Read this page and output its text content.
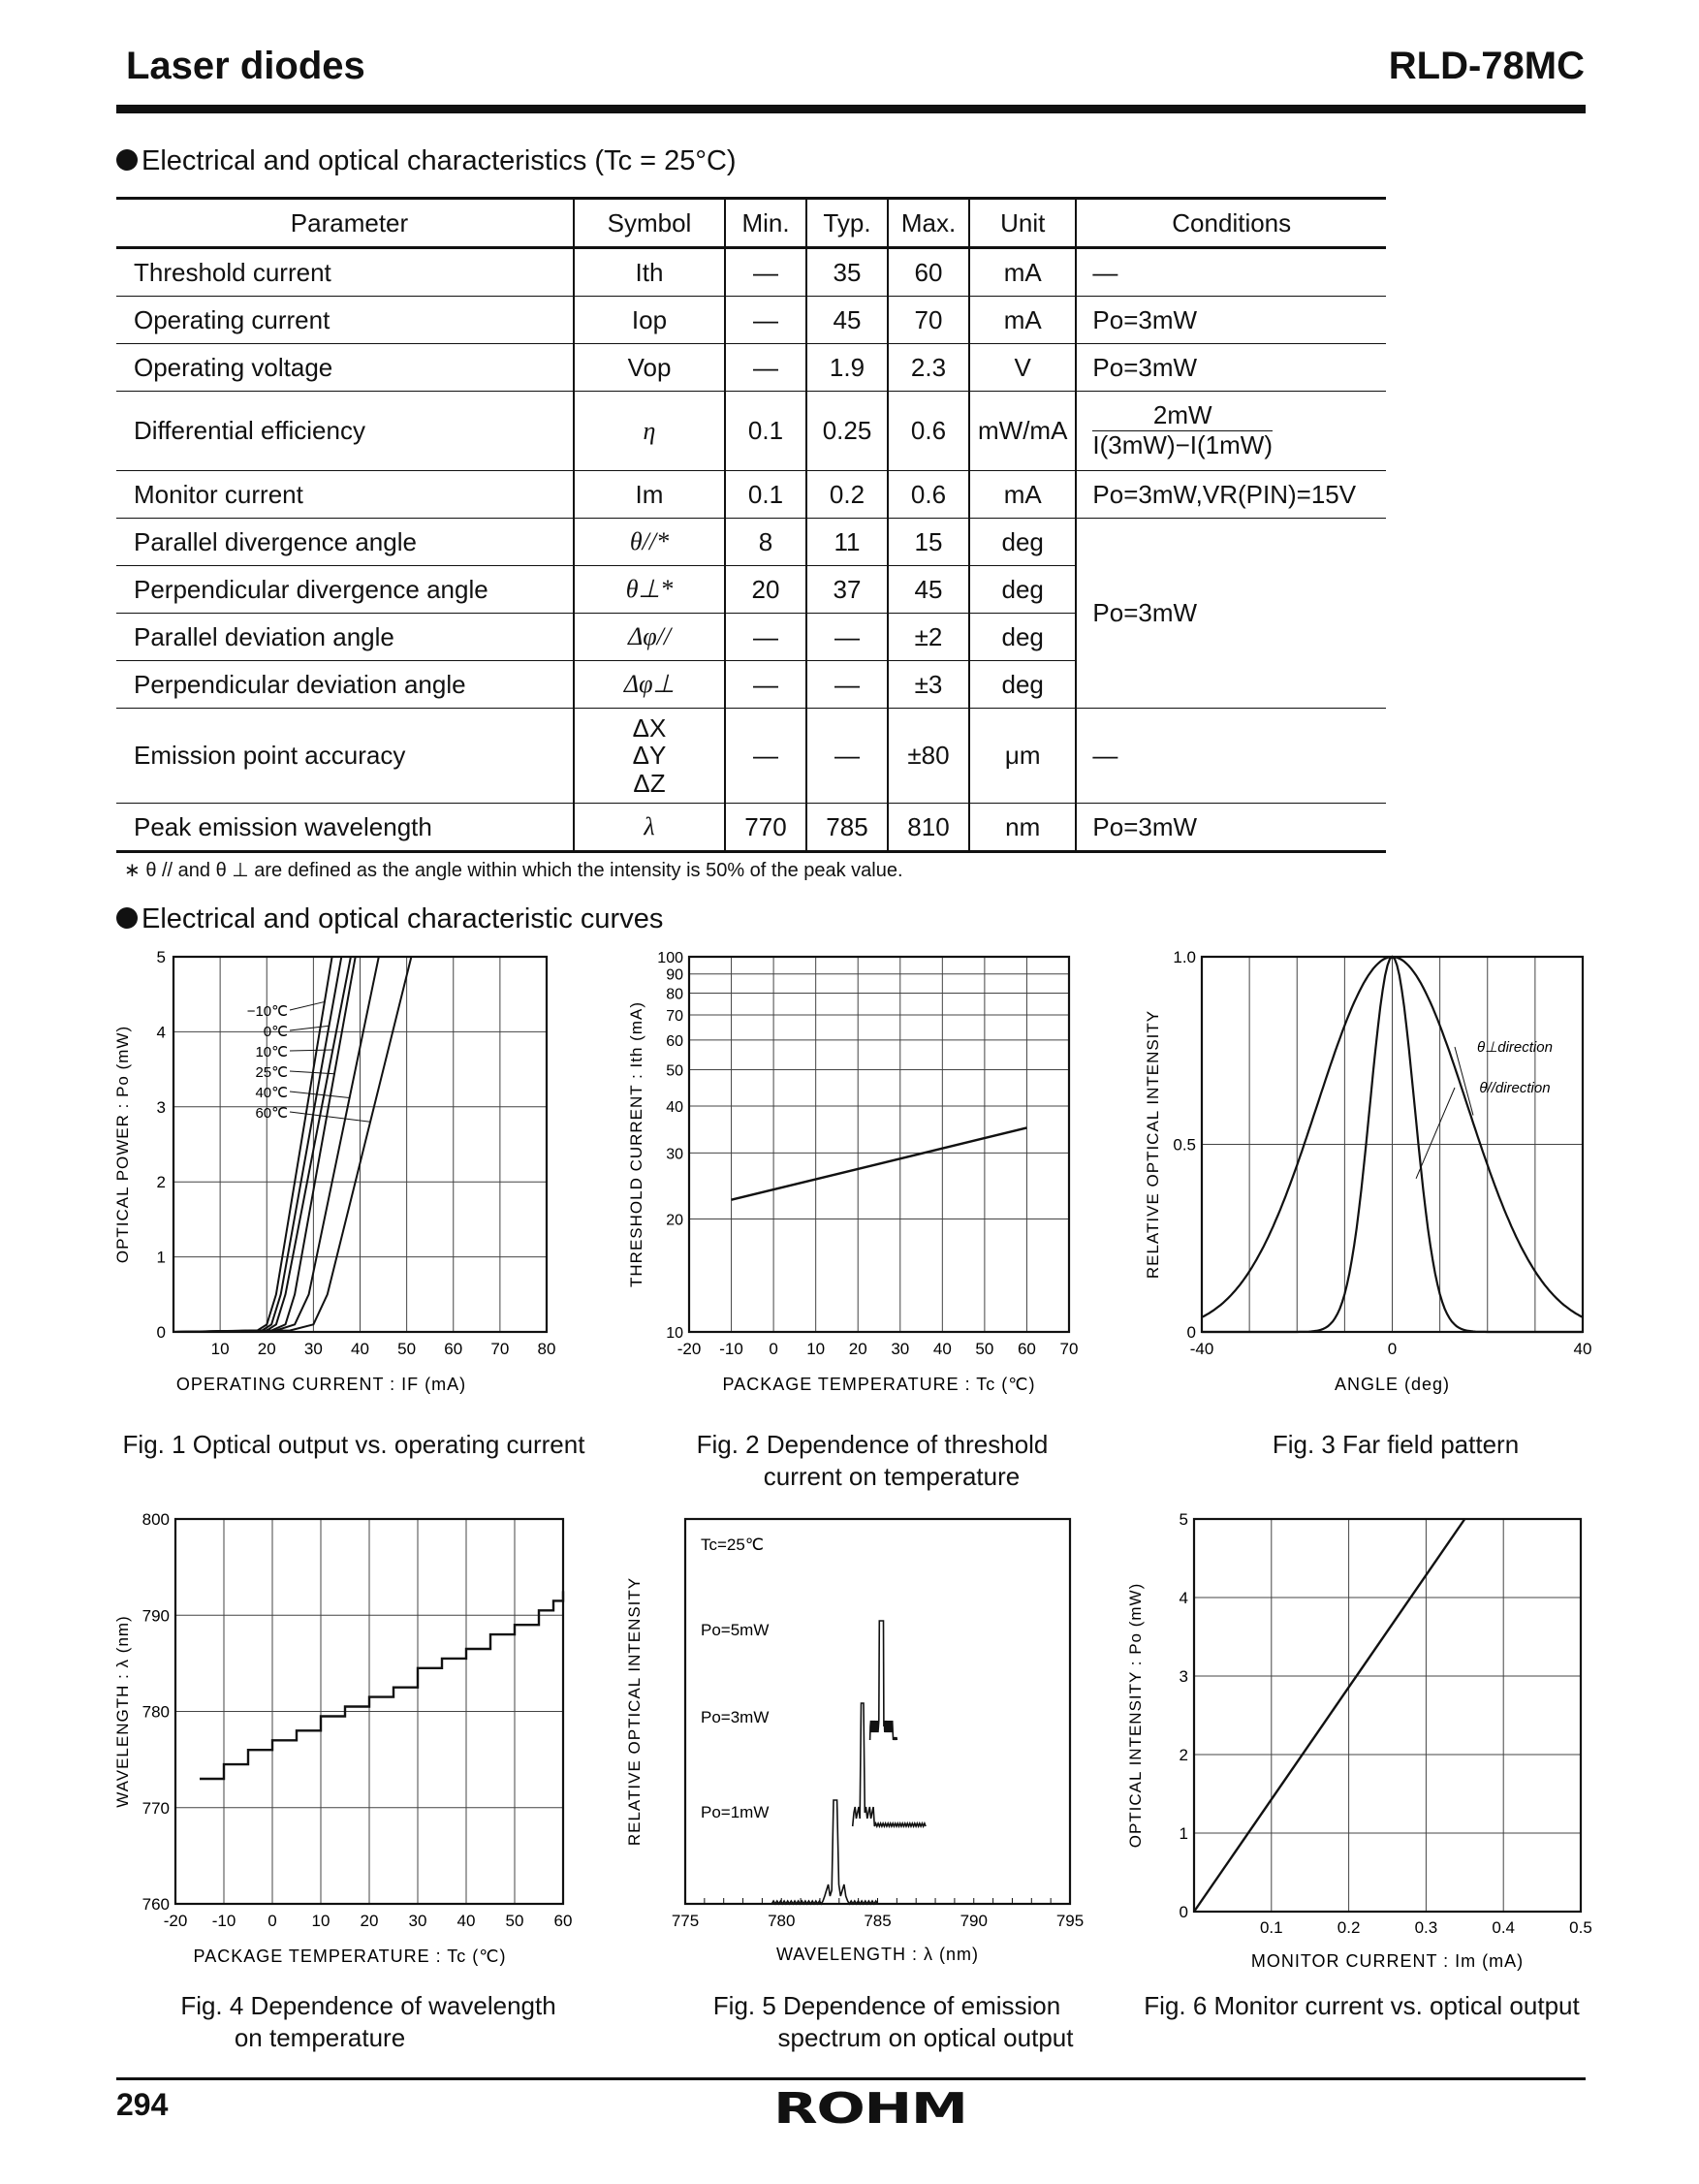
Laser diodes	RLD-78MC
Electrical and optical characteristics (Tc = 25°C)
Parameter	Symbol	Min.	Typ.	Max.	Unit	Conditions
Threshold current	Ith	—	35	60	mA	—
Operating current	Iop	—	45	70	mA	Po=3mW
Operating voltage	Vop	—	1.9	2.3	V	Po=3mW
Differential efficiency	η	0.1	0.25	0.6	mW/mA	$\frac{2mW}{I(3mW)-I(1mW)}$
Monitor current	Im	0.1	0.2	0.6	mA	Po=3mW,VR(PIN)=15V
Parallel divergence angle	θ//*	8	11	15	deg	Po=3mW
Perpendicular divergence angle	θ⊥*	20	37	45	deg	
Parallel deviation angle	Δφ//	—	—	±2	deg	
Perpendicular deviation angle	Δφ⊥	—	—	±3	deg	
Emission point accuracy	ΔX
ΔY
ΔZ	—	—	±80	μm	—
Peak emission wavelength	λ	770	785	810	nm	Po=3mW
∗ θ // and θ ⊥ are defined as the angle within which the intensity is 50% of the peak value.
Electrical and optical characteristic curves
10 20 30 40 50 60 70 80
0
1
2
3
4
5
OPERATING CURRENT : IF (mA)
OPTICAL POWER : Po (mW)
−10℃
0℃
10℃
25℃
40℃
60℃
-20 -10 0 10 20 30 40 50 60 70
10
20
30
40
50
60
70
80
90
100
PACKAGE TEMPERATURE : Tc (℃)
THRESHOLD CURRENT : Ith (mA)
-40	0	40
0
0.5
1.0
ANGLE (deg)
RELATIVE OPTICAL INTENSITY	θ⊥direction
θ//direction
-20 -10 0 10 20 30 40 50 60
760
770
780
790
800
PACKAGE TEMPERATURE : Tc (℃)
WAVELENGTH : λ (nm)
775	780	785	790	795
WAVELENGTH : λ (nm)
RELATIVE OPTICAL INTENSITY
Tc=25℃
Po=5mW
Po=3mW
Po=1mW
0.1	0.2	0.3	0.4	0.5
0
1
2
3
4
5
MONITOR CURRENT : Im (mA)
OPTICAL INTENSITY : Po (mW)
Fig. 1 Optical output vs. operating current	Fig. 2 Dependence of threshold
current on temperature
Fig. 3 Far field pattern
Fig. 4 Dependence of wavelength
on temperature
Fig. 5 Dependence of emission
spectrum on optical output
Fig. 6 Monitor current vs. optical output
294	ROHM
